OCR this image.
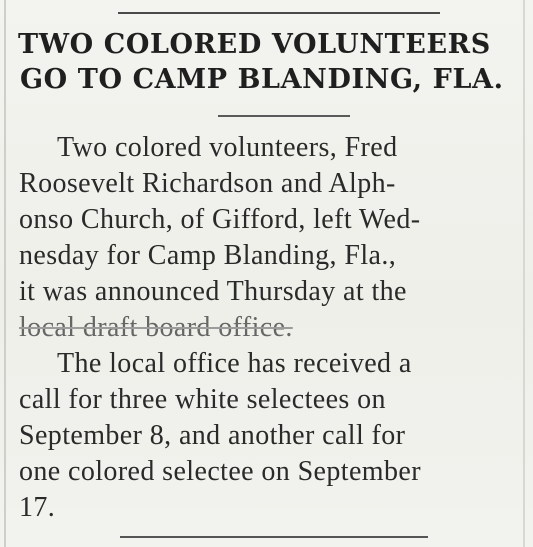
TWO COLORED VOLUNTEERS
GO TO CAMP BLANDING, FLA.
Two colored volunteers, Fred
Roosevelt Richardson and Alph-
onso Church, of Gifford, left Wed-
nesday for Camp Blanding, Fla.,
it was announced Thursday at the
local draft board office.
The local office has received a
call for three white selectees on
September 8, and another call for
one colored selectee on September
17.
